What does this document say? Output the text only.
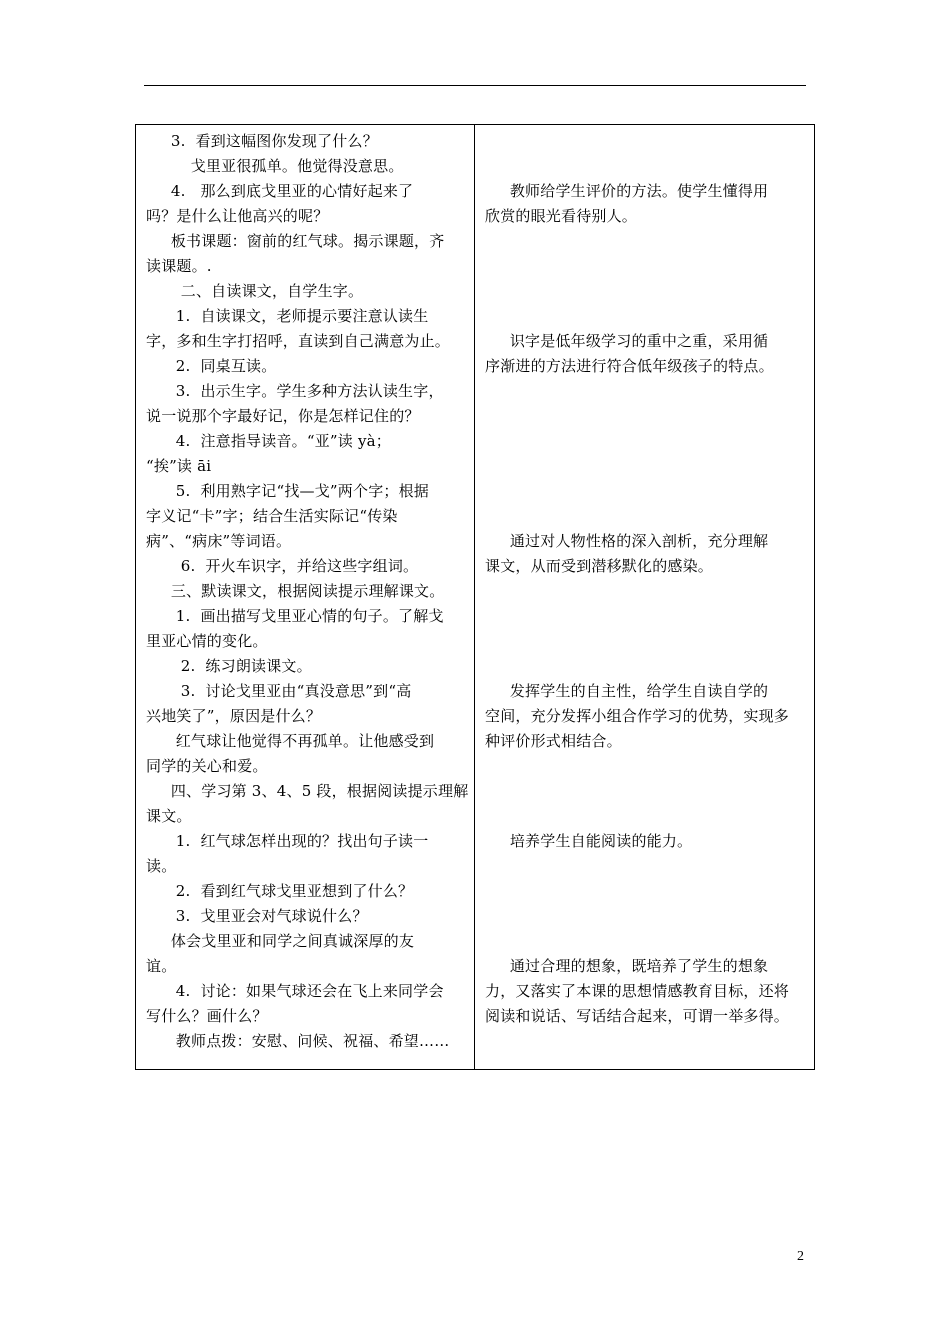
3.  看到这幅图你发现了什么？
戈里亚很孤单。他觉得没意思。
4.   那么到底戈里亚的心情好起来了
吗？是什么让他高兴的呢？
板书课题：窗前的红气球。揭示课题，齐
读课题。.
二、自读课文，自学生字。
1.  自读课文，老师提示要注意认读生
字，多和生字打招呼，直读到自己满意为止。
2.  同桌互读。
3.  出示生字。学生多种方法认读生字，
说一说那个字最好记，你是怎样记住的？
4.  注意指导读音。“亚”读 yà；
“挨”读 āi
5.  利用熟字记“找—戈”两个字；根据
字义记“卡”字；结合生活实际记“传染
病”、“病床”等词语。
6.  开火车识字，并给这些字组词。
三、默读课文，根据阅读提示理解课文。
1.  画出描写戈里亚心情的句子。了解戈
里亚心情的变化。
2.  练习朗读课文。
3.  讨论戈里亚由“真没意思”到“高
兴地笑了”，原因是什么？
红气球让他觉得不再孤单。让他感受到
同学的关心和爱。
四、学习第 3、4、5 段，根据阅读提示理解
课文。
1.  红气球怎样出现的？找出句子读一
读。
2.  看到红气球戈里亚想到了什么？
3.  戈里亚会对气球说什么？
体会戈里亚和同学之间真诚深厚的友
谊。
4.  讨论：如果气球还会在飞上来同学会
写什么？画什么？
教师点拨：安慰、问候、祝福、希望……
教师给学生评价的方法。使学生懂得用
欣赏的眼光看待别人。
识字是低年级学习的重中之重，采用循
序渐进的方法进行符合低年级孩子的特点。
通过对人物性格的深入剖析，充分理解
课文，从而受到潜移默化的感染。
发挥学生的自主性，给学生自读自学的
空间，充分发挥小组合作学习的优势，实现多
种评价形式相结合。
培养学生自能阅读的能力。
通过合理的想象，既培养了学生的想象
力，又落实了本课的思想情感教育目标，还将
阅读和说话、写话结合起来，可谓一举多得。
2
